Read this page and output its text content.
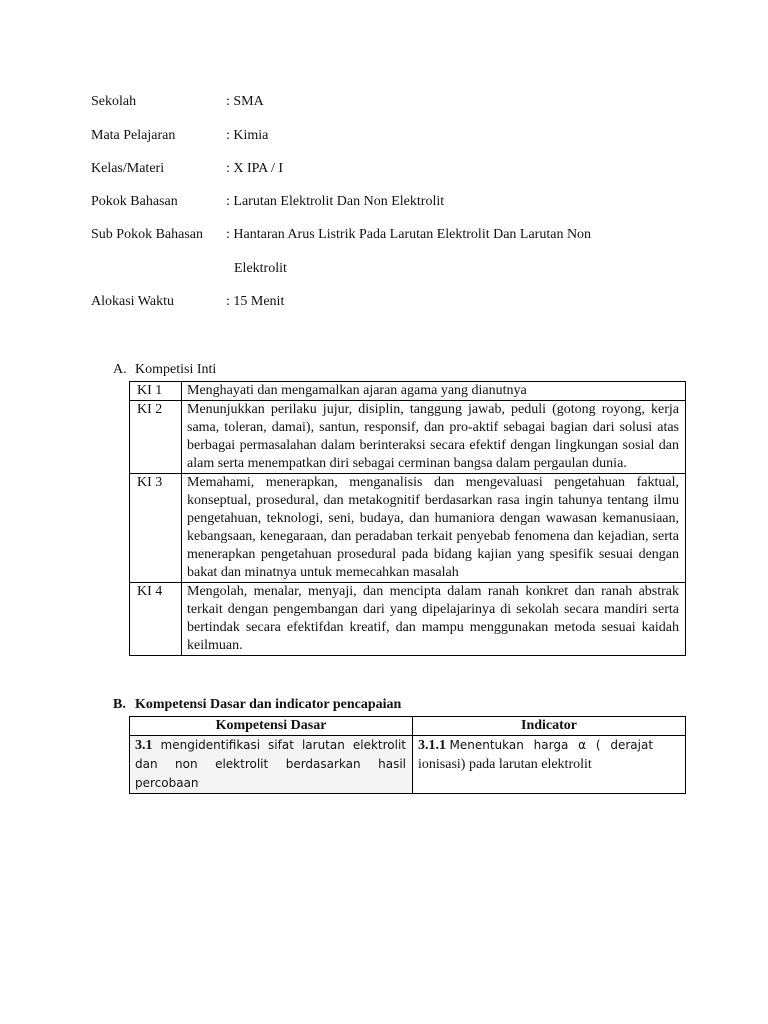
Sekolah	: SMA
Mata Pelajaran	: Kimia
Kelas/Materi	: X IPA / I
Pokok Bahasan	: Larutan Elektrolit Dan Non Elektrolit
Sub Pokok Bahasan : Hantaran Arus Listrik Pada Larutan Elektrolit Dan Larutan Non
Elektrolit
Alokasi Waktu	: 15 Menit
A. Kompetisi Inti
KI 1	Menghayati dan mengamalkan ajaran agama yang dianutnya
KI 2	Menunjukkan perilaku jujur, disiplin, tanggung jawab, peduli (gotong royong, kerja sama, toleran, damai), santun, responsif, dan pro-aktif sebagai bagian dari solusi atas berbagai permasalahan dalam berinteraksi secara efektif dengan lingkungan sosial dan alam serta menempatkan diri sebagai cerminan bangsa dalam pergaulan dunia.
KI 3	Memahami, menerapkan, menganalisis dan mengevaluasi pengetahuan faktual, konseptual, prosedural, dan metakognitif berdasarkan rasa ingin tahunya tentang ilmu pengetahuan, teknologi, seni, budaya, dan humaniora dengan wawasan kemanusiaan, kebangsaan, kenegaraan, dan peradaban terkait penyebab fenomena dan kejadian, serta menerapkan pengetahuan prosedural pada bidang kajian yang spesifik sesuai dengan bakat dan minatnya untuk memecahkan masalah
KI 4	Mengolah, menalar, menyaji, dan mencipta dalam ranah konkret dan ranah abstrak terkait dengan pengembangan dari yang dipelajarinya di sekolah secara mandiri serta bertindak secara efektifdan kreatif, dan mampu menggunakan metoda sesuai kaidah keilmuan.
B. Kompetensi Dasar dan indicator pencapaian
Kompetensi Dasar	Indicator
3.1 mengidentifikasi sifat larutan elektrolit dan non elektrolit berdasarkan hasil percobaan	3.1.1 Menentukan harga α ( derajat ionisasi) pada larutan elektrolit
